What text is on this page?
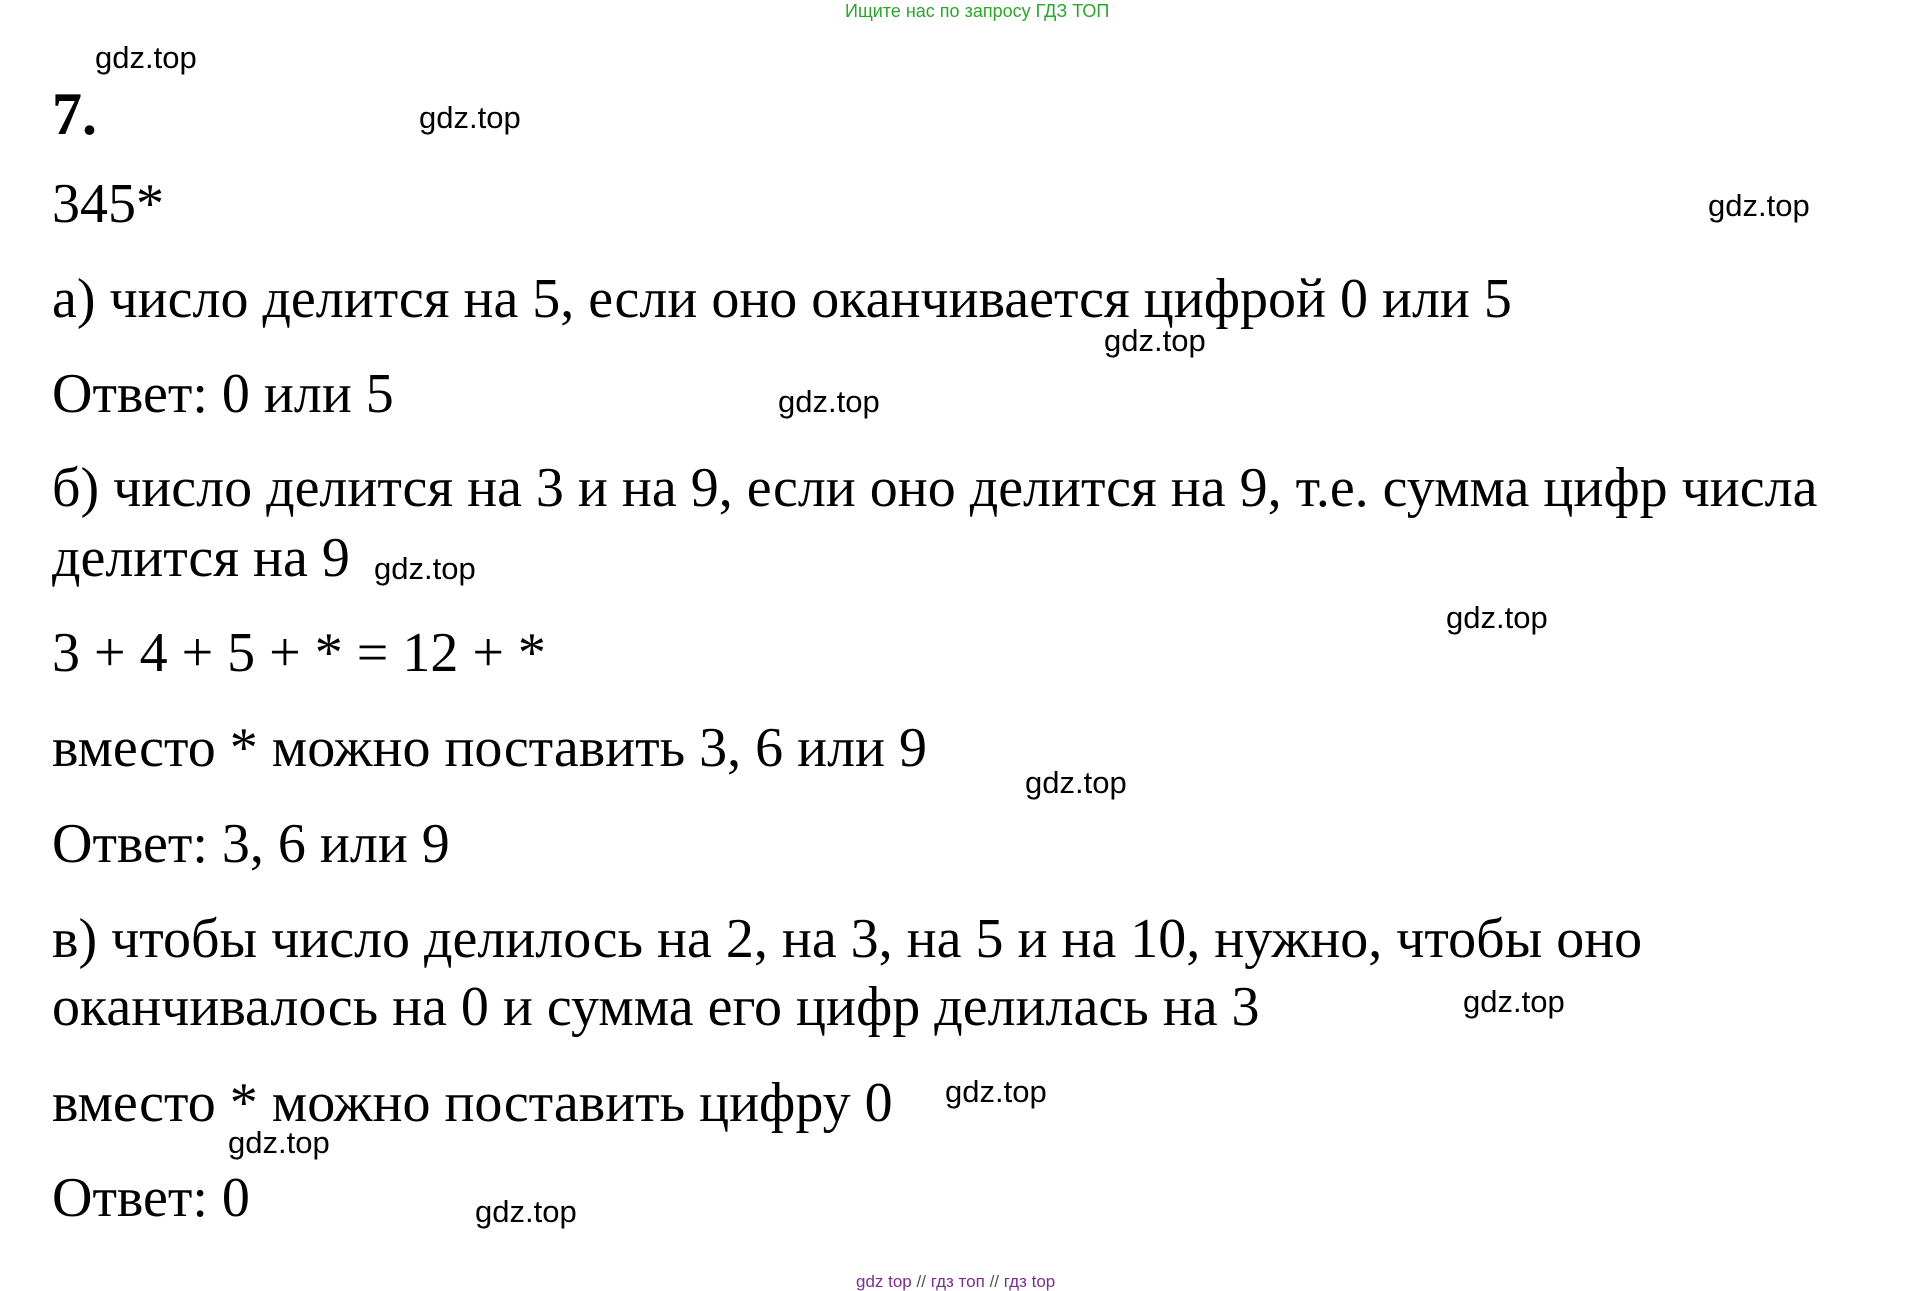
Ищите нас по запросу ГДЗ ТОП
7.
345*
а) число делится на 5, если оно оканчивается цифрой 0 или 5
Ответ: 0 или 5
б) число делится на 3 и на 9, если оно делится на 9, т.е. сумма цифр числа
делится на 9
3 + 4 + 5 + * = 12 + *
вместо * можно поставить 3, 6 или 9
Ответ: 3, 6 или 9
в) чтобы число делилось на 2, на 3, на 5 и на 10, нужно, чтобы оно
оканчивалось на 0 и сумма его цифр делилась на 3
вместо * можно поставить цифру 0
Ответ: 0
gdz.top
gdz.top
gdz.top
gdz.top
gdz.top
gdz.top
gdz.top
gdz.top
gdz.top
gdz.top
gdz.top
gdz.top
gdz top // гдз топ // гдз top
